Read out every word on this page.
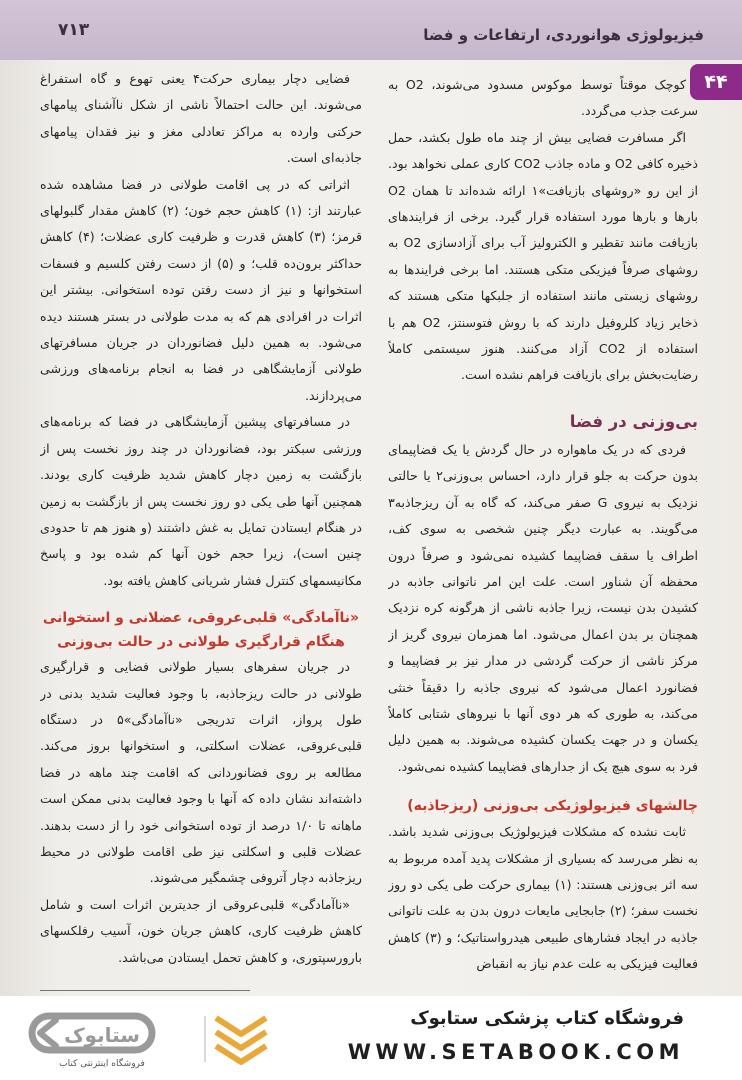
فیزیولوژی هوانوردی، ارتفاعات و فضا
۷۱۳
۴۴

کوچک موقتاً توسط موکوس مسدود می‌شوند، O2 به سرعت جذب می‌گردد.

اگر مسافرت فضایی بیش از چند ماه طول بکشد، حمل ذخیره کافی O2 و ماده جاذب CO2 کاری عملی نخواهد بود. از این رو «روشهای بازیافت»۱ ارائه شده‌اند تا همان O2 بارها و بارها مورد استفاده قرار گیرد. برخی از فرایندهای بازیافت مانند تقطیر و الکترولیز آب برای آزادسازی O2 به روشهای صرفاً فیزیکی متکی هستند. اما برخی فرایندها به روشهای زیستی مانند استفاده از جلبکها متکی هستند که ذخایر زیاد کلروفیل دارند که با روش فتوسنتز، O2 هم با استفاده از CO2 آزاد می‌کنند. هنوز سیستمی کاملاً رضایت‌بخش برای بازیافت فراهم نشده است.

بی‌وزنی در فضا

فردی که در یک ماهواره در حال گردش یا یک فضاپیمای بدون حرکت به جلو قرار دارد، احساس بی‌وزنی۲ یا حالتی نزدیک به نیروی G صفر می‌کند، که گاه به آن ریزجاذبه۳ می‌گویند. به عبارت دیگر چنین شخصی به سوی کف، اطراف یا سقف فضاپیما کشیده نمی‌شود و صرفاً درون محفظه آن شناور است. علت این امر ناتوانی جاذبه در کشیدن بدن نیست، زیرا جاذبه ناشی از هرگونه کره نزدیک همچنان بر بدن اعمال می‌شود. اما همزمان نیروی گریز از مرکز ناشی از حرکت گردشی در مدار نیز بر فضاپیما و فضانورد اعمال می‌شود که نیروی جاذبه را دقیقاً خنثی می‌کند، به طوری که هر دوی آنها با نیروهای شتابی کاملاً یکسان و در جهت یکسان کشیده می‌شوند. به همین دلیل فرد به سوی هیچ یک از جدارهای فضاپیما کشیده نمی‌شود.

چالشهای فیزیولوژیکی بی‌وزنی (ریزجاذبه)

ثابت نشده که مشکلات فیزیولوژیک بی‌وزنی شدید باشد. به نظر می‌رسد که بسیاری از مشکلات پدید آمده مربوط به سه اثر بی‌وزنی هستند: (۱) بیماری حرکت طی یکی دو روز نخست سفر؛ (۲) جابجایی مایعات درون بدن به علت ناتوانی جاذبه در ایجاد فشارهای طبیعی هیدرواستاتیک؛ و (۳) کاهش فعالیت فیزیکی به علت عدم نیاز به انقباض

فضایی دچار بیماری حرکت۴ یعنی تهوع و گاه استفراغ می‌شوند. این حالت احتمالاً ناشی از شکل ناآشنای پیامهای حرکتی وارده به مراکز تعادلی مغز و نیز فقدان پیامهای جاذبه‌ای است.

اثراتی که در پی اقامت طولانی در فضا مشاهده شده عبارتند از: (۱) کاهش حجم خون؛ (۲) کاهش مقدار گلبولهای قرمز؛ (۳) کاهش قدرت و ظرفیت کاری عضلات؛ (۴) کاهش حداکثر برون‌ده قلب؛ و (۵) از دست رفتن کلسیم و فسفات استخوانها و نیز از دست رفتن توده استخوانی. بیشتر این اثرات در افرادی هم که به مدت طولانی در بستر هستند دیده می‌شود. به همین دلیل فضانوردان در جریان مسافرتهای طولانی آزمایشگاهی در فضا به انجام برنامه‌های ورزشی می‌پردازند.

در مسافرتهای پیشین آزمایشگاهی در فضا که برنامه‌های ورزشی سبکتر بود، فضانوردان در چند روز نخست پس از بازگشت به زمین دچار کاهش شدید ظرفیت کاری بودند. همچنین آنها طی یکی دو روز نخست پس از بازگشت به زمین در هنگام ایستادن تمایل به غش داشتند (و هنوز هم تا حدودی چنین است)، زیرا حجم خون آنها کم شده بود و پاسخ مکانیسمهای کنترل فشار شریانی کاهش یافته بود.

«ناآمادگی» قلبی‌عروقی، عضلانی و استخوانی هنگام قرارگیری طولانی در حالت بی‌وزنی

در جریان سفرهای بسیار طولانی فضایی و قرارگیری طولانی در حالت ریزجاذبه، با وجود فعالیت شدید بدنی در طول پرواز، اثرات تدریجی «ناآمادگی»۵ در دستگاه قلبی‌عروقی، عضلات اسکلتی، و استخوانها بروز می‌کند. مطالعه بر روی فضانوردانی که اقامت چند ماهه در فضا داشته‌اند نشان داده که آنها با وجود فعالیت بدنی ممکن است ماهانه تا ۱/۰ درصد از توده استخوانی خود را از دست بدهند. عضلات قلبی و اسکلتی نیز طی اقامت طولانی در محیط ریزجاذبه دچار آتروفی چشمگیر می‌شوند.

«ناآمادگی» قلبی‌عروقی از جدیترین اثرات است و شامل کاهش ظرفیت کاری، کاهش جریان خون، آسیب رفلکسهای بارورسپتوری، و کاهش تحمل ایستادن می‌باشد.

ستابوک
فروشگاه اینترنتی کتاب
فروشگاه کتاب پزشکی ستابوک
WWW.SETABOOK.COM
